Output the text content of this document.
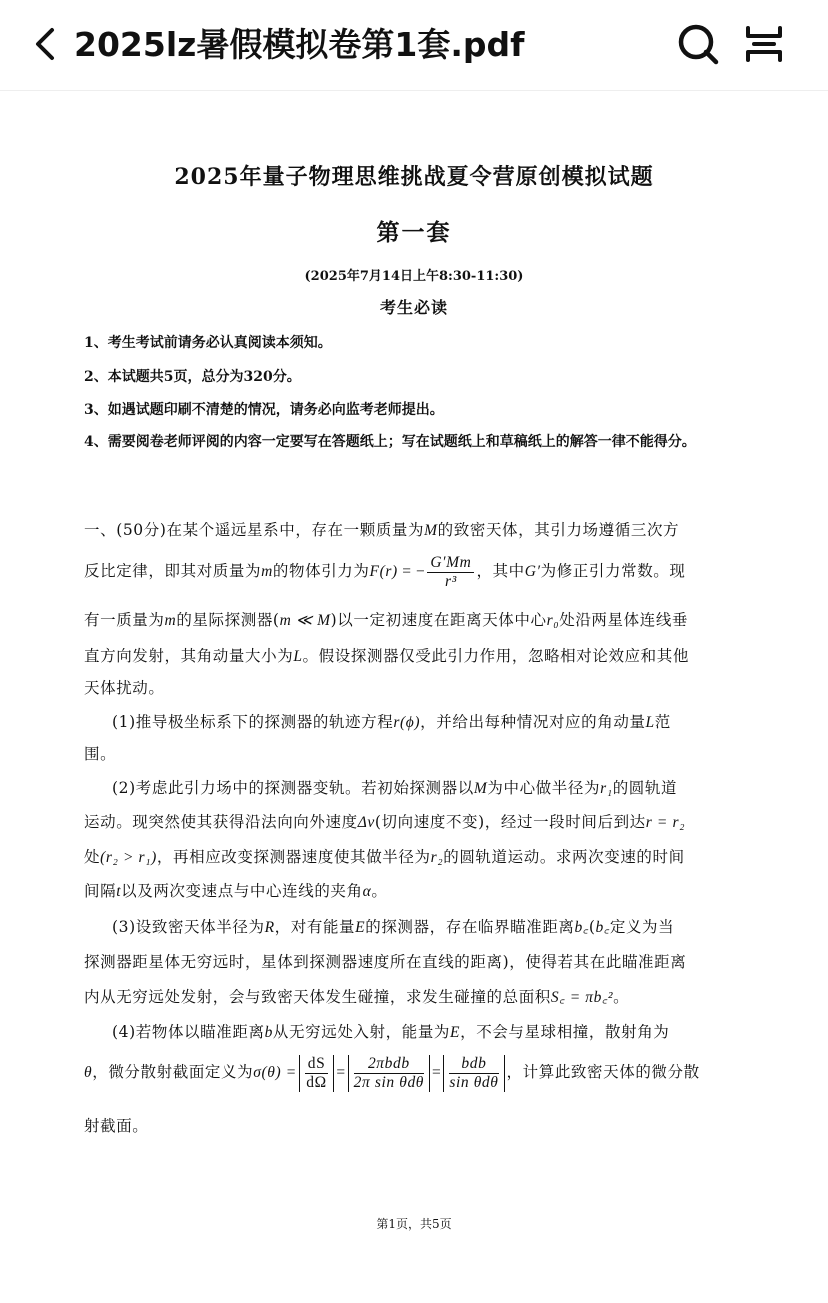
2025lz暑假模拟卷第1套.pdf
2025年量子物理思维挑战夏令营原创模拟试题
第一套
(2025年7月14日上午8:30-11:30)
考生必读
1、考生考试前请务必认真阅读本须知。
2、本试题共5页，总分为320分。
3、如遇试题印刷不清楚的情况，请务必向监考老师提出。
4、需要阅卷老师评阅的内容一定要写在答题纸上；写在试题纸上和草稿纸上的解答一律不能得分。
一、(50分)在某个遥远星系中，存在一颗质量为M的致密天体，其引力场遵循三次方
反比定律，即其对质量为m的物体引力为F(r) = − $\frac{G'Mm}{\text{r³}}$ ，其中G′为修正引力常数。现
有一质量为m的星际探测器(m ≪ M)以一定初速度在距离天体中心r₀处沿两星体连线垂
直方向发射，其角动量大小为L。假设探测器仅受此引力作用，忽略相对论效应和其他
天体扰动。
(1)推导极坐标系下的探测器的轨迹方程r(ϕ)，并给出每种情况对应的角动量L范
围。
(2)考虑此引力场中的探测器变轨。若初始探测器以M为中心做半径为r₁的圆轨道
运动。现突然使其获得沿法向向外速度Δv(切向速度不变)，经过一段时间后到达r = r₂
处(r₂ > r₁)，再相应改变探测器速度使其做半径为r₂的圆轨道运动。求两次变速的时间
间隔t以及两次变速点与中心连线的夹角α。
(3)设致密天体半径为R，对有能量E的探测器，存在临界瞄准距离b꜀(b꜀定义为当
探测器距星体无穷远时，星体到探测器速度所在直线的距离)，使得若其在此瞄准距离
内从无穷远处发射，会与致密天体发生碰撞，求发生碰撞的总面积S꜀ = πb꜀²。
(4)若物体以瞄准距离b从无穷远处入射，能量为E，不会与星球相撞，散射角为
θ，微分散射截面定义为$\sigma(\theta) = \frac{dS}{d\Omega} = \frac{\text{2πbdb}}{\text{2π sin θdθ}} = \frac{\text{bdb}}{\text{sin θdθ}}$ ，计算此致密天体的微分散
射截面。
第1页，共5页
